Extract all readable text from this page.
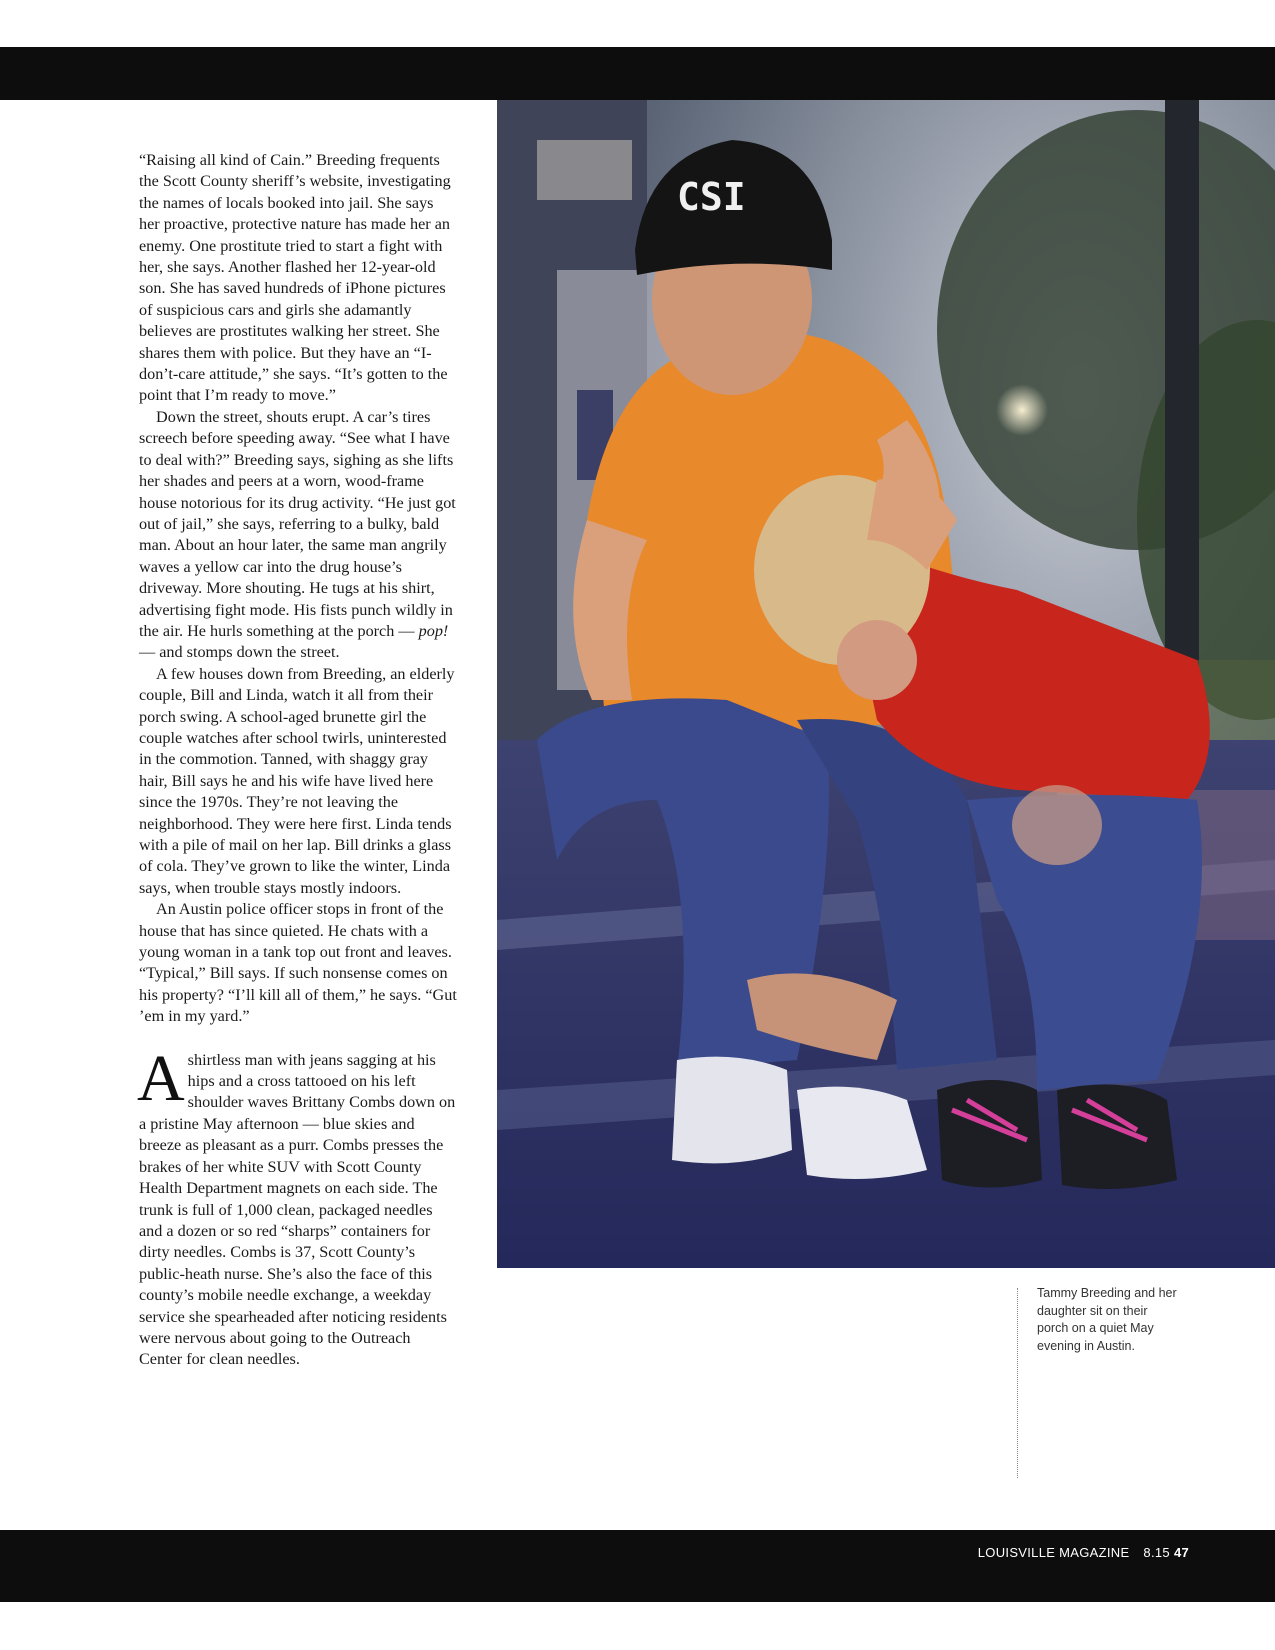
“Raising all kind of Cain.” Breeding frequents the Scott County sheriff’s website, investigating the names of locals booked into jail. She says her proactive, protective nature has made her an enemy. One prostitute tried to start a fight with her, she says. Another flashed her 12-year-old son. She has saved hundreds of iPhone pictures of suspicious cars and girls she adamantly believes are prostitutes walking her street. She shares them with police. But they have an “I-don’t-care attitude,” she says. “It’s gotten to the point that I’m ready to move.”

Down the street, shouts erupt. A car’s tires screech before speeding away. “See what I have to deal with?” Breeding says, sighing as she lifts her shades and peers at a worn, wood-frame house notorious for its drug activity. “He just got out of jail,” she says, referring to a bulky, bald man. About an hour later, the same man angrily waves a yellow car into the drug house’s driveway. More shouting. He tugs at his shirt, advertising fight mode. His fists punch wildly in the air. He hurls something at the porch — pop! — and stomps down the street.

A few houses down from Breeding, an elderly couple, Bill and Linda, watch it all from their porch swing. A school-aged brunette girl the couple watches after school twirls, uninterested in the commotion. Tanned, with shaggy gray hair, Bill says he and his wife have lived here since the 1970s. They’re not leaving the neighborhood. They were here first. Linda tends with a pile of mail on her lap. Bill drinks a glass of cola. They’ve grown to like the winter, Linda says, when trouble stays mostly indoors.

An Austin police officer stops in front of the house that has since quieted. He chats with a young woman in a tank top out front and leaves. “Typical,” Bill says. If such nonsense comes on his property? “I’ll kill all of them,” he says. “Gut ’em in my yard.”

A shirtless man with jeans sagging at his hips and a cross tattooed on his left shoulder waves Brittany Combs down on a pristine May afternoon — blue skies and breeze as pleasant as a purr. Combs presses the brakes of her white SUV with Scott County Health Department magnets on each side. The trunk is full of 1,000 clean, packaged needles and a dozen or so red “sharps” containers for dirty needles. Combs is 37, Scott County’s public-heath nurse. She’s also the face of this county’s mobile needle exchange, a weekday service she spearheaded after noticing residents were nervous about going to the Outreach Center for clean needles.

CSI
Tammy Breeding and her daughter sit on their porch on a quiet May evening in Austin.
LOUISVILLE MAGAZINE 8.15 47
